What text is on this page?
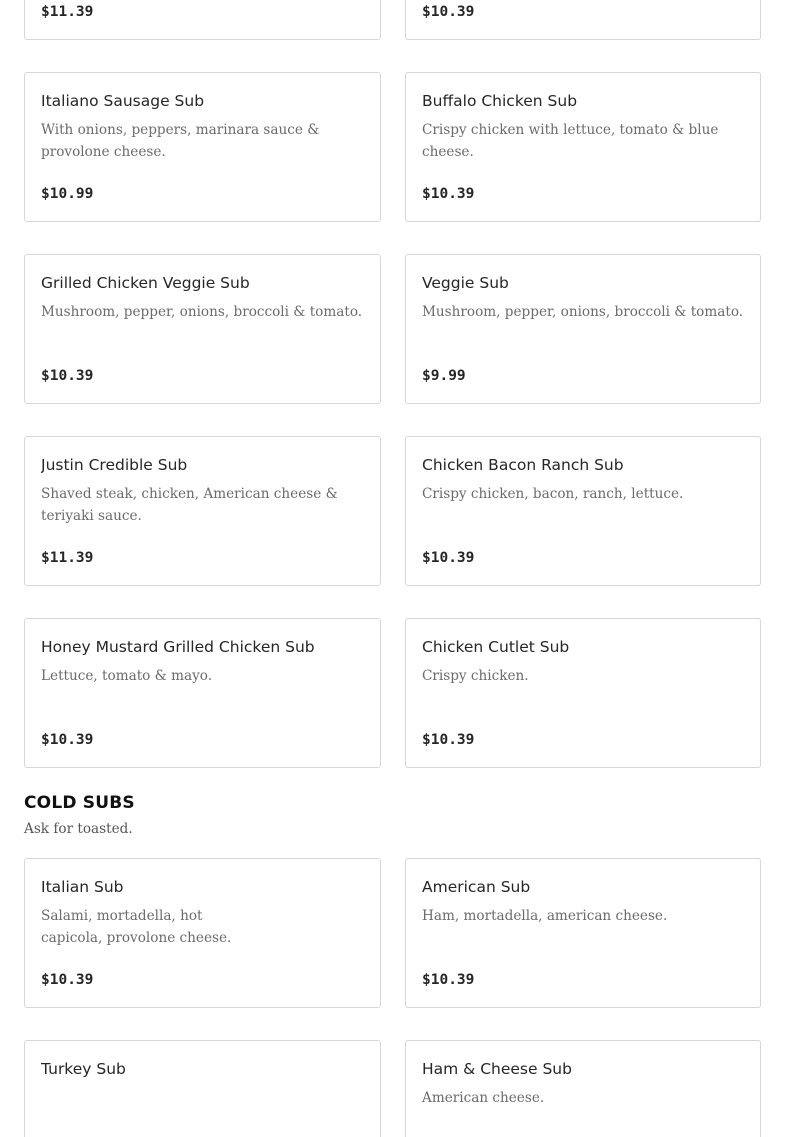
$11.39	$10.39
Italiano Sausage Sub
With onions, peppers, marinara sauce & provolone cheese.
$10.99
Buffalo Chicken Sub
Crispy chicken with lettuce, tomato & blue cheese.
$10.39
Grilled Chicken Veggie Sub
Mushroom, pepper, onions, broccoli & tomato.
$10.39
Veggie Sub
Mushroom, pepper, onions, broccoli & tomato.
$9.99
Justin Credible Sub
Shaved steak, chicken, American cheese & teriyaki sauce.
$11.39
Chicken Bacon Ranch Sub
Crispy chicken, bacon, ranch, lettuce.
$10.39
Honey Mustard Grilled Chicken Sub
Lettuce, tomato & mayo.
$10.39
Chicken Cutlet Sub
Crispy chicken.
$10.39
COLD SUBS
Ask for toasted.
Italian Sub
Salami, mortadella, hot capicola, provolone cheese.
$10.39
American Sub
Ham, mortadella, american cheese.
$10.39
Turkey Sub	Ham & Cheese Sub
American cheese.
